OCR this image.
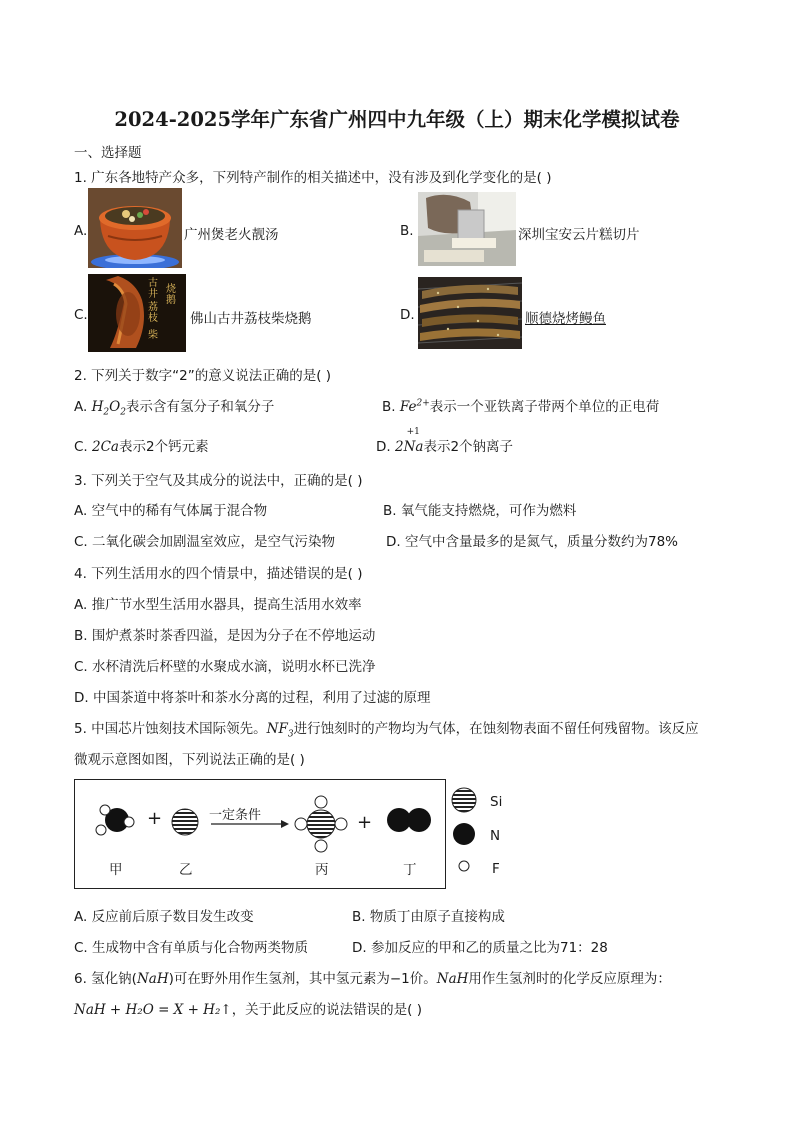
2024-2025学年广东省广州四中九年级（上）期末化学模拟试卷
一、选择题
1. 广东各地特产众多，下列特产制作的相关描述中，没有涉及到化学变化的是( )
A.	广州煲老火靓汤	B.	深圳宝安云片糕切片
C.
古井
荔枝
柴
烧鹅
佛山古井荔枝柴烧鹅	D.	顺德烧烤鳗鱼
2. 下列关于数字“2”的意义说法正确的是( )
A. $H_2O_2$表示含有氢分子和氧分子	B. $Fe^{2+}$表示一个亚铁离子带两个单位的正电荷
C. 2Ca表示2个钙元素	D. 2
+1
Na表示2个钠离子
3. 下列关于空气及其成分的说法中，正确的是( )
A. 空气中的稀有气体属于混合物	B. 氧气能支持燃烧，可作为燃料
C. 二氧化碳会加剧温室效应，是空气污染物	D. 空气中含量最多的是氮气，质量分数约为78%
4. 下列生活用水的四个情景中，描述错误的是( )
A. 推广节水型生活用水器具，提高生活用水效率
B. 围炉煮茶时茶香四溢，是因为分子在不停地运动
C. 水杯清洗后杯壁的水聚成水滴，说明水杯已洗净
D. 中国茶道中将茶叶和茶水分离的过程，利用了过滤的原理
5. 中国芯片蚀刻技术国际领先。$NF_3$进行蚀刻时的产物均为气体，在蚀刻物表面不留任何残留物。该反应
微观示意图如图，下列说法正确的是( )
一定条件
+	+
甲	乙	丙	丁
Si
N
F
A. 反应前后原子数目发生改变	B. 物质丁由原子直接构成
C. 生成物中含有单质与化合物两类物质	D. 参加反应的甲和乙的质量之比为71：28
6. 氢化钠(NaH)可在野外用作生氢剂，其中氢元素为−1价。NaH用作生氢剂时的化学反应原理为：
NaH + H₂O = X + H₂↑，关于此反应的说法错误的是( )
